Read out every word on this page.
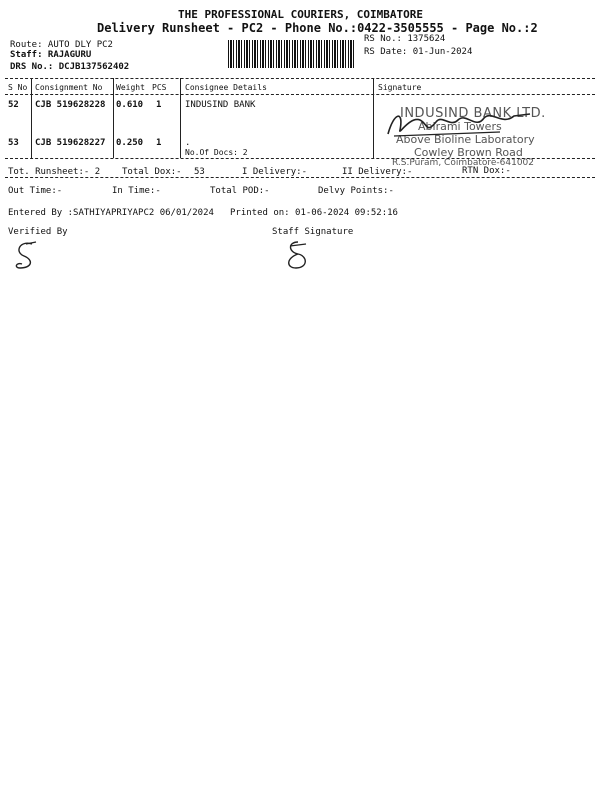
THE PROFESSIONAL COURIERS, COIMBATORE
Delivery Runsheet - PC2 - Phone No.:0422-3505555 - Page No.:2
Route: AUTO DLY PC2
Staff: RAJAGURU
DRS No.: DCJB137562402
RS No.: 1375624
RS Date: 01-Jun-2024
S No Consignment No Weight PCS Consignee Details	Signature
52 CJB 519628228 0.610 1	INDUSIND BANK
53 CJB 519628227 0.250 1	.
No.Of Docs: 2
INDUSIND BANK LTD.
Abirami Towers
Above Bioline Laboratory
Cowley Brown Road
R.S.Puram, Coimbatore-641002
Tot. Runsheet:- 2 Total Dox:- 53	I Delivery:-	II Delivery:-	RTN Dox:-
Out Time:-	In Time:-	Total POD:-	Delvy Points:-
Entered By :SATHIYAPRIYAPC2 06/01/2024 Printed on: 01-06-2024 09:52:16
Verified By	Staff Signature
